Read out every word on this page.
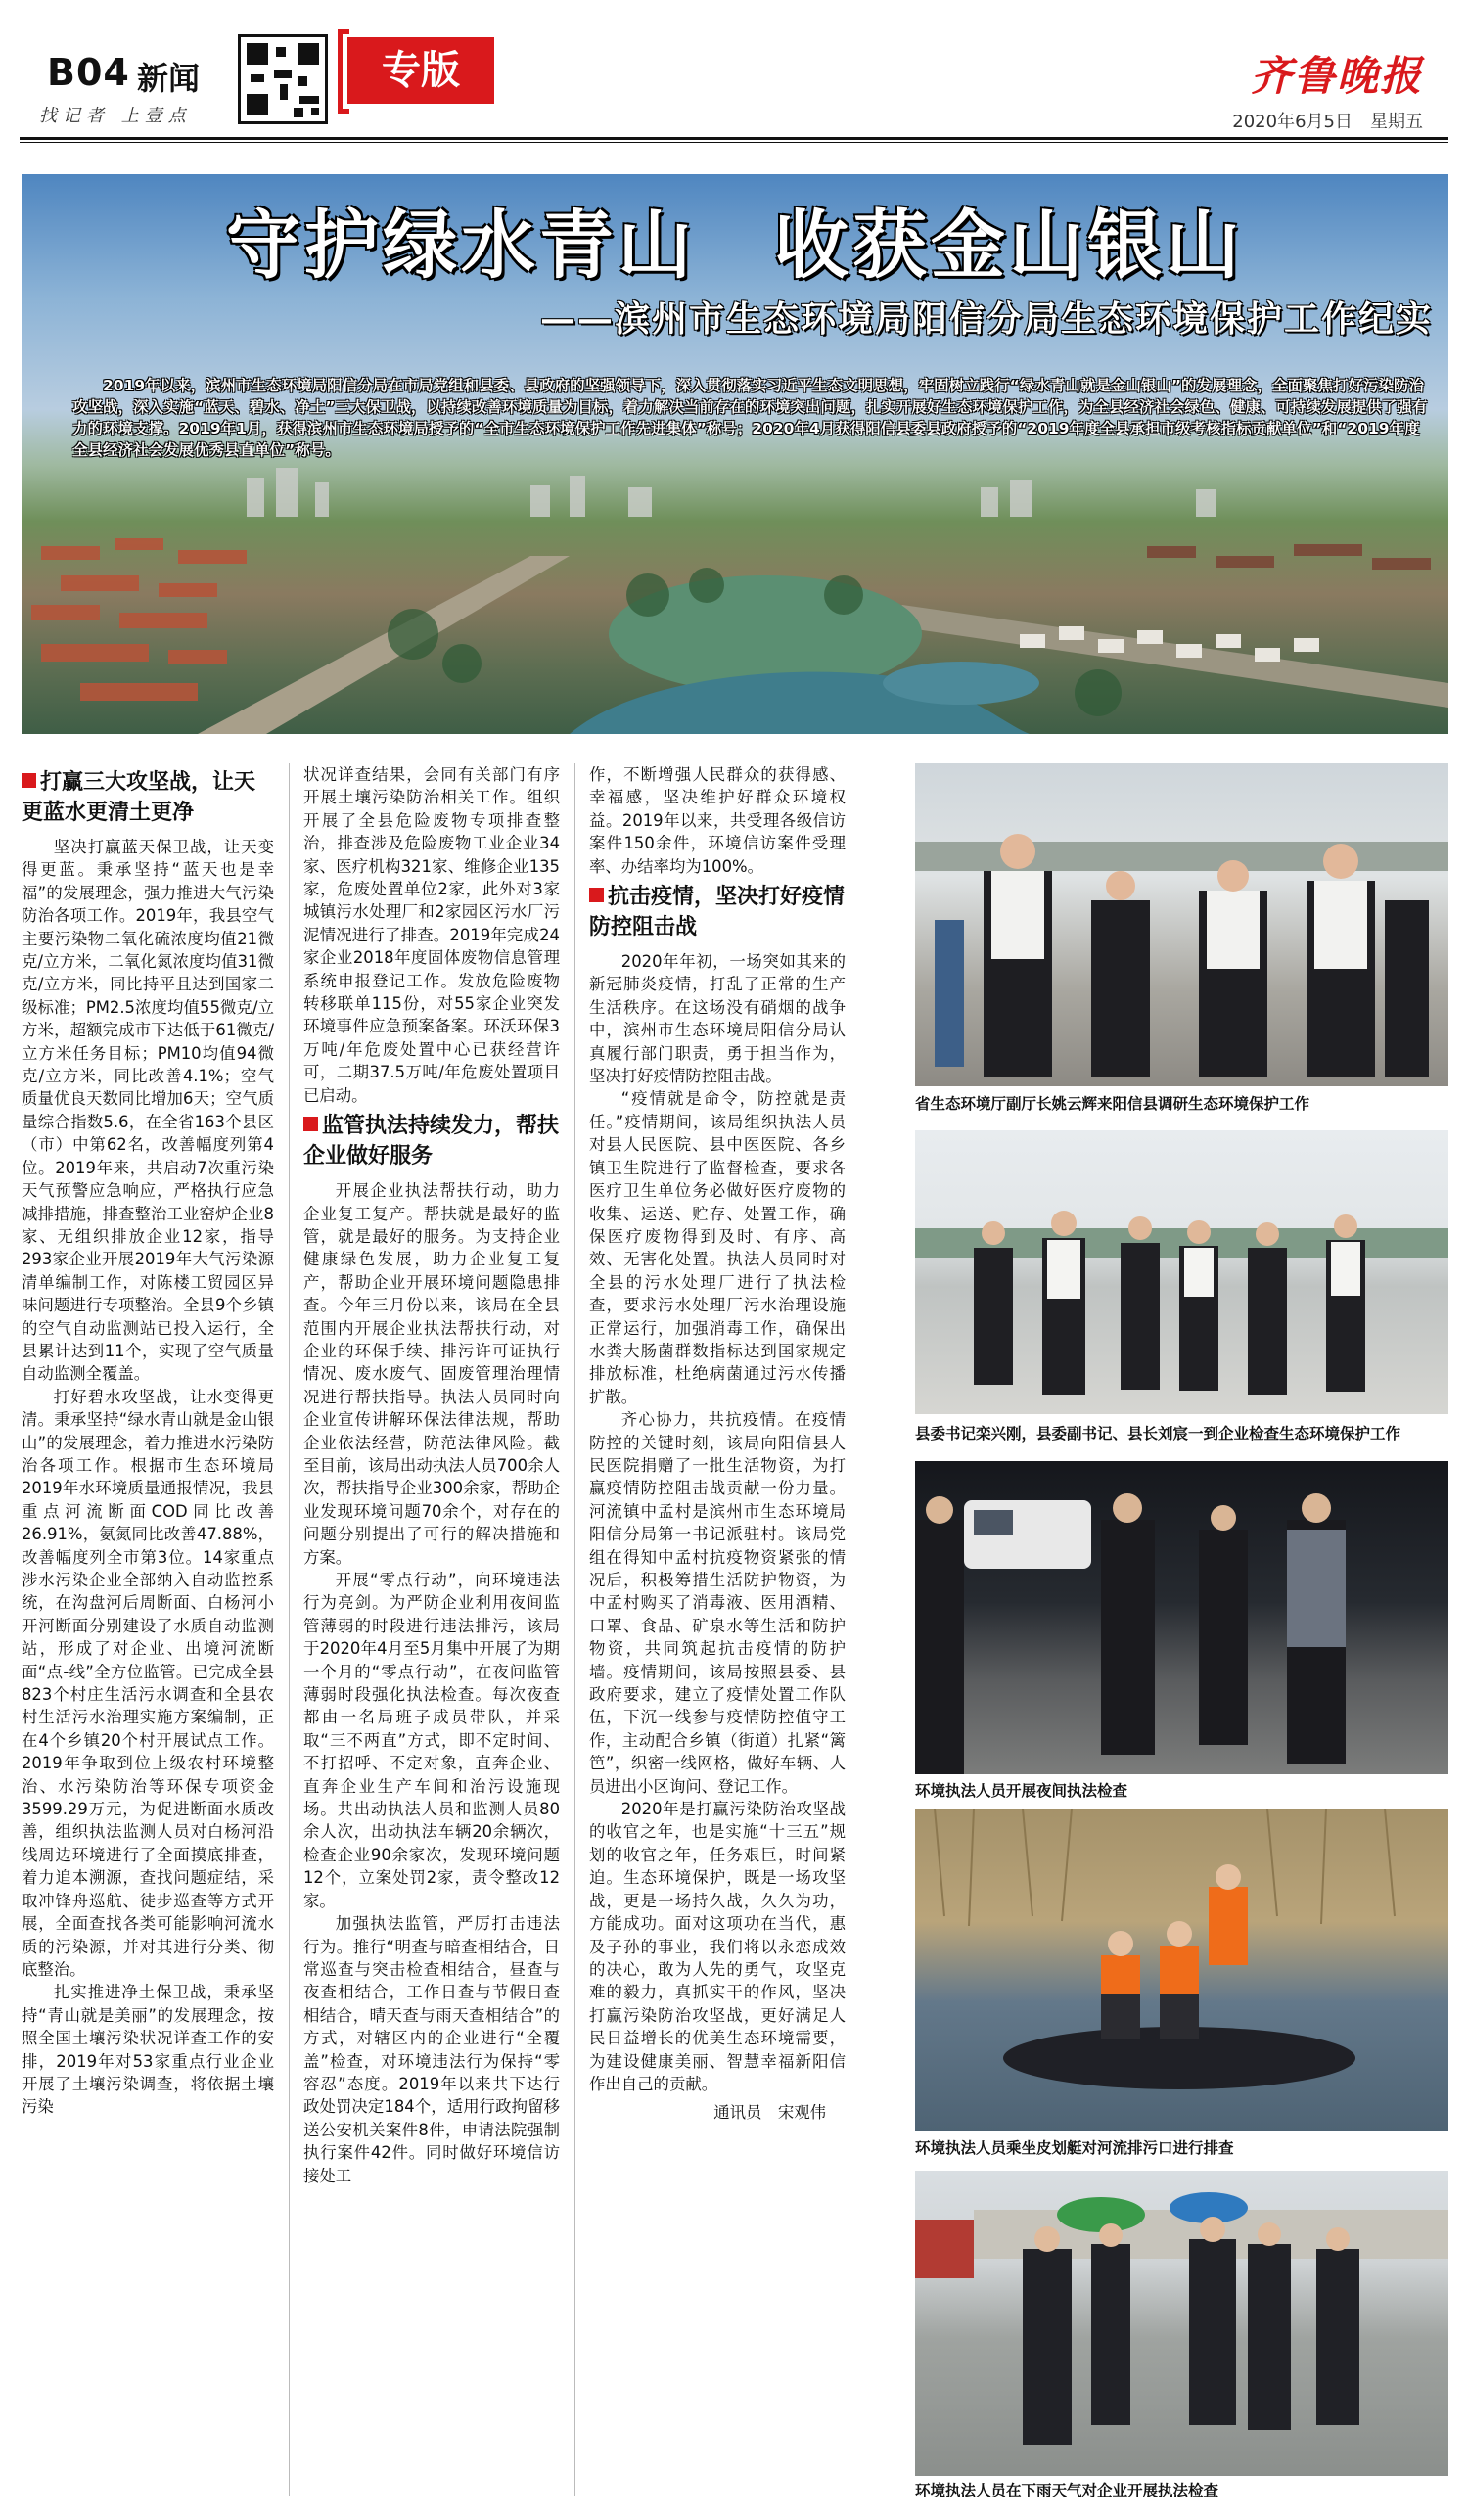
B04 新闻
找记者 上壹点
专版	齐鲁晚报
2020年6月5日　星期五
守护绿水青山　收获金山银山
——滨州市生态环境局阳信分局生态环境保护工作纪实
2019年以来，滨州市生态环境局阳信分局在市局党组和县委、县政府的坚强领导下，深入贯彻落实习近平生态文明思想，牢固树立践行“绿水青山就是金山银山”的发展理念，全面聚焦打好污染防治攻坚战，深入实施“蓝天、碧水、净土”三大保卫战，以持续改善环境质量为目标，着力解决当前存在的环境突出问题，扎实开展好生态环境保护工作，为全县经济社会绿色、健康、可持续发展提供了强有力的环境支撑。2019年1月，获得滨州市生态环境局授予的“全市生态环境保护工作先进集体”称号；2020年4月获得阳信县委县政府授予的“2019年度全县承担市级考核指标贡献单位”和“2019年度全县经济社会发展优秀县直单位”称号。
打赢三大攻坚战，让天更蓝水更清土更净

坚决打赢蓝天保卫战，让天变得更蓝。秉承坚持“蓝天也是幸福”的发展理念，强力推进大气污染防治各项工作。2019年，我县空气主要污染物二氧化硫浓度均值21微克/立方米，二氧化氮浓度均值31微克/立方米，同比持平且达到国家二级标准；PM2.5浓度均值55微克/立方米，超额完成市下达低于61微克/立方米任务目标；PM10均值94微克/立方米，同比改善4.1%；空气质量优良天数同比增加6天；空气质量综合指数5.6，在全省163个县区（市）中第62名，改善幅度列第4位。2019年来，共启动7次重污染天气预警应急响应，严格执行应急减排措施，排查整治工业窑炉企业8家、无组织排放企业12家，指导293家企业开展2019年大气污染源清单编制工作，对陈楼工贸园区异味问题进行专项整治。全县9个乡镇的空气自动监测站已投入运行，全县累计达到11个，实现了空气质量自动监测全覆盖。

打好碧水攻坚战，让水变得更清。秉承坚持“绿水青山就是金山银山”的发展理念，着力推进水污染防治各项工作。根据市生态环境局2019年水环境质量通报情况，我县重点河流断面COD同比改善26.91%，氨氮同比改善47.88%，改善幅度列全市第3位。14家重点涉水污染企业全部纳入自动监控系统，在沟盘河后周断面、白杨河小开河断面分别建设了水质自动监测站，形成了对企业、出境河流断面“点-线”全方位监管。已完成全县823个村庄生活污水调查和全县农村生活污水治理实施方案编制，正在4个乡镇20个村开展试点工作。2019年争取到位上级农村环境整治、水污染防治等环保专项资金3599.29万元，为促进断面水质改善，组织执法监测人员对白杨河沿线周边环境进行了全面摸底排查，着力追本溯源，查找问题症结，采取冲锋舟巡航、徒步巡查等方式开展，全面查找各类可能影响河流水质的污染源，并对其进行分类、彻底整治。

扎实推进净土保卫战，秉承坚持“青山就是美丽”的发展理念，按照全国土壤污染状况详查工作的安排，2019年对53家重点行业企业开展了土壤污染调查，将依据土壤污染

状况详查结果，会同有关部门有序开展土壤污染防治相关工作。组织开展了全县危险废物专项排查整治，排查涉及危险废物工业企业34家、医疗机构321家、维修企业135家，危废处置单位2家，此外对3家城镇污水处理厂和2家园区污水厂污泥情况进行了排查。2019年完成24家企业2018年度固体废物信息管理系统申报登记工作。发放危险废物转移联单115份，对55家企业突发环境事件应急预案备案。环沃环保3万吨/年危废处置中心已获经营许可，二期37.5万吨/年危废处置项目已启动。

监管执法持续发力，帮扶企业做好服务

开展企业执法帮扶行动，助力企业复工复产。帮扶就是最好的监管，就是最好的服务。为支持企业健康绿色发展，助力企业复工复产，帮助企业开展环境问题隐患排查。今年三月份以来，该局在全县范围内开展企业执法帮扶行动，对企业的环保手续、排污许可证执行情况、废水废气、固废管理治理情况进行帮扶指导。执法人员同时向企业宣传讲解环保法律法规，帮助企业依法经营，防范法律风险。截至目前，该局出动执法人员700余人次，帮扶指导企业300余家，帮助企业发现环境问题70余个，对存在的问题分别提出了可行的解决措施和方案。

开展“零点行动”，向环境违法行为亮剑。为严防企业利用夜间监管薄弱的时段进行违法排污，该局于2020年4月至5月集中开展了为期一个月的“零点行动”，在夜间监管薄弱时段强化执法检查。每次夜查都由一名局班子成员带队，并采取“三不两直”方式，即不定时间、不打招呼、不定对象，直奔企业、直奔企业生产车间和治污设施现场。共出动执法人员和监测人员80余人次，出动执法车辆20余辆次，检查企业90余家次，发现环境问题12个，立案处罚2家，责令整改12家。

加强执法监管，严厉打击违法行为。推行“明查与暗查相结合，日常巡查与突击检查相结合，昼查与夜查相结合，工作日查与节假日查相结合，晴天查与雨天查相结合”的方式，对辖区内的企业进行“全覆盖”检查，对环境违法行为保持“零容忍”态度。2019年以来共下达行政处罚决定184个，适用行政拘留移送公安机关案件8件，申请法院强制执行案件42件。同时做好环境信访接处工

作，不断增强人民群众的获得感、幸福感，坚决维护好群众环境权益。2019年以来，共受理各级信访案件150余件，环境信访案件受理率、办结率均为100%。

抗击疫情，坚决打好疫情防控阻击战

2020年年初，一场突如其来的新冠肺炎疫情，打乱了正常的生产生活秩序。在这场没有硝烟的战争中，滨州市生态环境局阳信分局认真履行部门职责，勇于担当作为，坚决打好疫情防控阻击战。

“疫情就是命令，防控就是责任。”疫情期间，该局组织执法人员对县人民医院、县中医医院、各乡镇卫生院进行了监督检查，要求各医疗卫生单位务必做好医疗废物的收集、运送、贮存、处置工作，确保医疗废物得到及时、有序、高效、无害化处置。执法人员同时对全县的污水处理厂进行了执法检查，要求污水处理厂污水治理设施正常运行，加强消毒工作，确保出水粪大肠菌群数指标达到国家规定排放标准，杜绝病菌通过污水传播扩散。

齐心协力，共抗疫情。在疫情防控的关键时刻，该局向阳信县人民医院捐赠了一批生活物资，为打赢疫情防控阻击战贡献一份力量。河流镇中孟村是滨州市生态环境局阳信分局第一书记派驻村。该局党组在得知中孟村抗疫物资紧张的情况后，积极筹措生活防护物资，为中孟村购买了消毒液、医用酒精、口罩、食品、矿泉水等生活和防护物资，共同筑起抗击疫情的防护墙。疫情期间，该局按照县委、县政府要求，建立了疫情处置工作队伍，下沉一线参与疫情防控值守工作，主动配合乡镇（街道）扎紧“篱笆”，织密一线网格，做好车辆、人员进出小区询问、登记工作。

2020年是打赢污染防治攻坚战的收官之年，也是实施“十三五”规划的收官之年，任务艰巨，时间紧迫。生态环境保护，既是一场攻坚战，更是一场持久战，久久为功，方能成功。面对这项功在当代，惠及子孙的事业，我们将以永恋成效的决心，敢为人先的勇气，攻坚克难的毅力，真抓实干的作风，坚决打赢污染防治攻坚战，更好满足人民日益增长的优美生态环境需要，为建设健康美丽、智慧幸福新阳信作出自己的贡献。

通讯员　宋观伟

省生态环境厅副厅长姚云辉来阳信县调研生态环境保护工作
县委书记栾兴刚，县委副书记、县长刘宸一到企业检查生态环境保护工作
环境执法人员开展夜间执法检查
环境执法人员乘坐皮划艇对河流排污口进行排查
环境执法人员在下雨天气对企业开展执法检查
